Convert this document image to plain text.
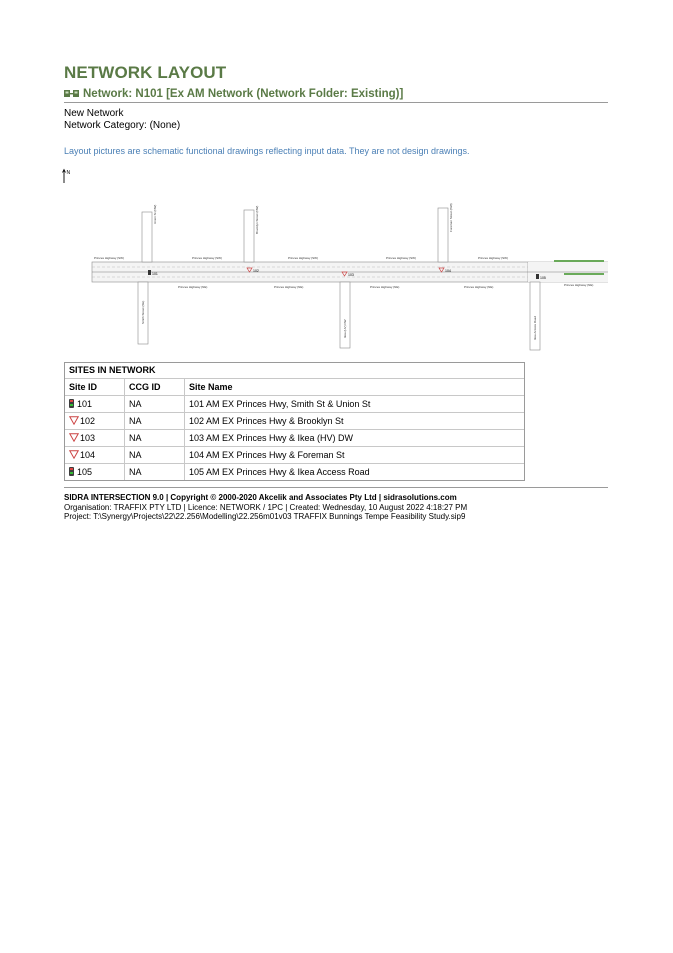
NETWORK LAYOUT
Network: N101 [Ex AM Network (Network Folder: Existing)]
New Network
Network Category: (None)
Layout pictures are schematic functional drawings reflecting input data. They are not design drawings.
N
Union St (NW)
Smith Street (SE)
Brooklyn Street (NW)
Ikea (HV) DW
Foreman Street (NW)
Ikea Access Road
Princes Highway (SW)	Princes Highway (SW)	Princes Highway (SW)	Princes Highway (SW)	Princes Highway (SW)
Princes Highway (NE)	Princes Highway (NE)	Princes Highway (NE)	Princes Highway (NE)	Princes Highway (NE)
101
102
103
104
105
SITES IN NETWORK
Site ID	CCG ID	Site Name
101	NA	101 AM EX Princes Hwy, Smith St & Union St
102	NA	102 AM EX Princes Hwy & Brooklyn St
103	NA	103 AM EX Princes Hwy & Ikea (HV) DW
104	NA	104 AM EX Princes Hwy & Foreman St
105	NA	105 AM EX Princes Hwy & Ikea Access Road
SIDRA INTERSECTION 9.0 | Copyright © 2000-2020 Akcelik and Associates Pty Ltd | sidrasolutions.com
Organisation: TRAFFIX PTY LTD | Licence: NETWORK / 1PC | Created: Wednesday, 10 August 2022 4:18:27 PM
Project: T:\Synergy\Projects\22\22.256\Modelling\22.256m01v03 TRAFFIX Bunnings Tempe Feasibility Study.sip9
